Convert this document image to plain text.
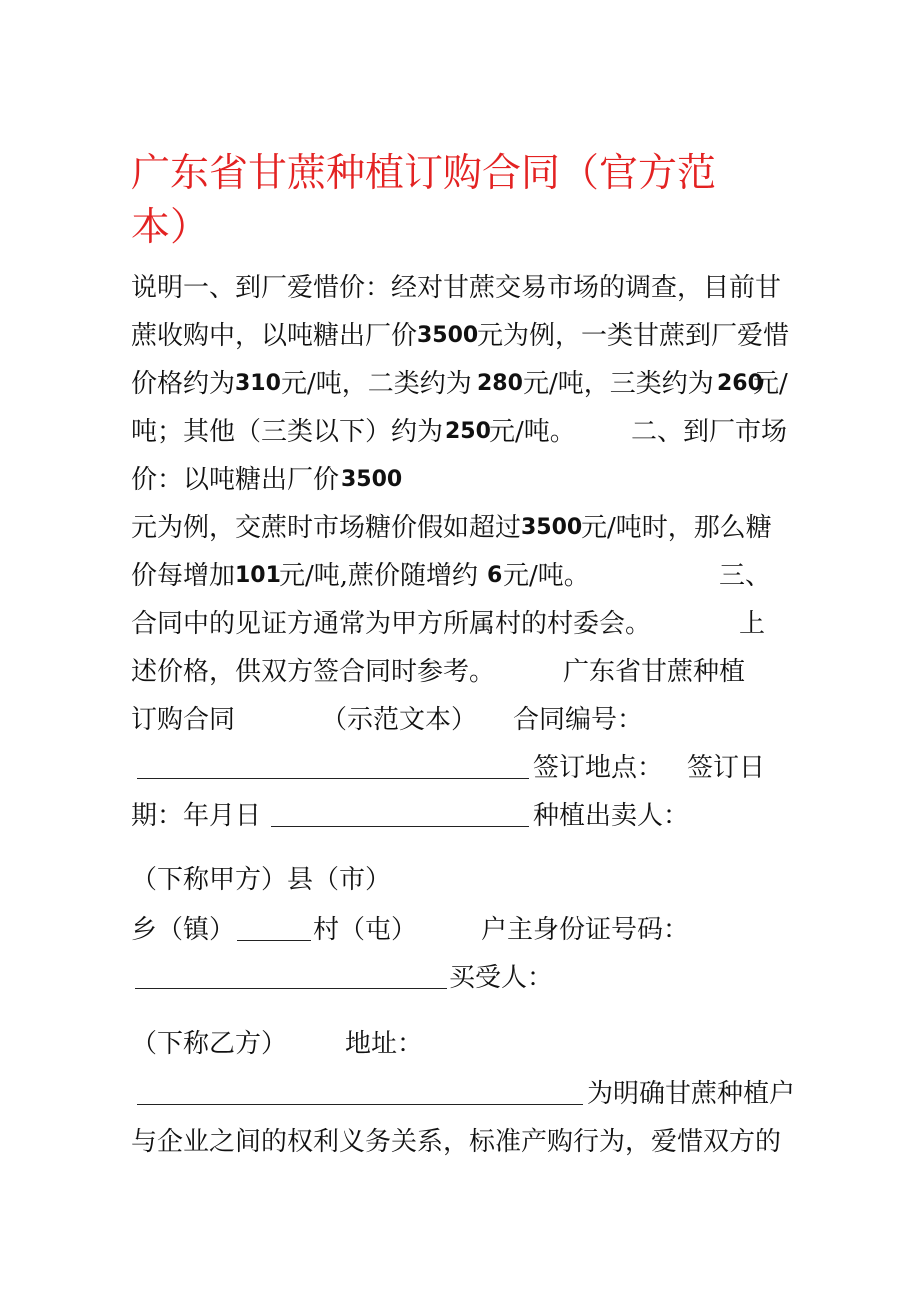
广东省甘蔗种植订购合同（官方范
本）
说明一、到厂爱惜价：经对甘蔗交易市场的调查，目前甘
蔗收购中，以吨糖出厂价 3500
元为例，一类甘蔗到厂爱惜
价格约为 310 元/吨，二类约为 280 元/吨，三类约为 260
元/
吨；其他（三类以下）约为 250
元/吨。 二、到厂市场
价：以吨糖出厂价 3500
元为例，交蔗时市场糖价假如超过 3500
元/吨时，那么糖
价每增加 101
元/吨,蔗价随增约 6 元/吨。	三、
合同中的见证方通常为甲方所属村的村委会。	上
述价格，供双方签合同时参考。	广东省甘蔗种植
订购合同	（示范文本） 合同编号：
签订地点： 签订日
期：年月日	种植出卖人：
（下称甲方）县（市）
乡（镇）	村（屯） 户主身份证号码：
买受人：
（下称乙方） 地址：
为明确甘蔗种植户
与企业之间的权利义务关系，标准产购行为，爱惜双方的
